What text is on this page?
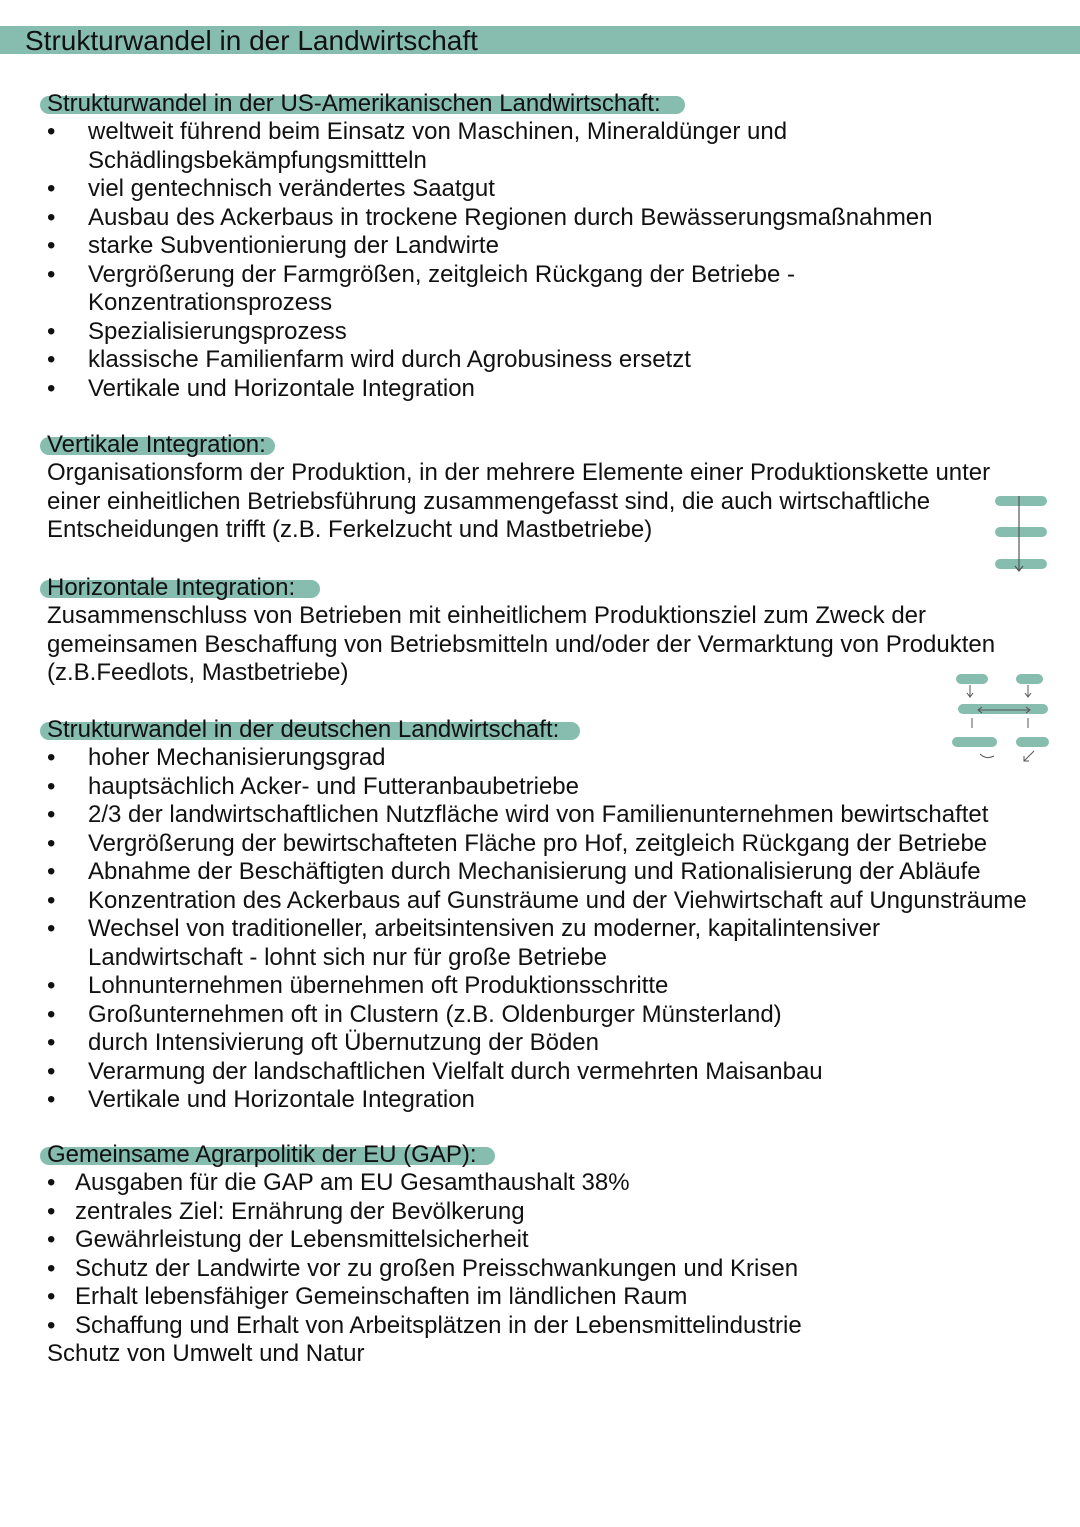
Strukturwandel in der Landwirtschaft
Strukturwandel in der US-Amerikanischen Landwirtschaft:
• weltweit führend beim Einsatz von Maschinen, Mineraldünger und
Schädlingsbekämpfungsmittteln
• viel gentechnisch verändertes Saatgut
• Ausbau des Ackerbaus in trockene Regionen durch Bewässerungsmaßnahmen
• starke Subventionierung der Landwirte
• Vergrößerung der Farmgrößen, zeitgleich Rückgang der Betriebe -
Konzentrationsprozess
• Spezialisierungsprozess
• klassische Familienfarm wird durch Agrobusiness ersetzt
• Vertikale und Horizontale Integration
Vertikale Integration:
Organisationsform der Produktion, in der mehrere Elemente einer Produktionskette unter
einer einheitlichen Betriebsführung zusammengefasst sind, die auch wirtschaftliche
Entscheidungen trifft (z.B. Ferkelzucht und Mastbetriebe)
Horizontale Integration:
Zusammenschluss von Betrieben mit einheitlichem Produktionsziel zum Zweck der
gemeinsamen Beschaffung von Betriebsmitteln und/oder der Vermarktung von Produkten
(z.B.Feedlots, Mastbetriebe)
Strukturwandel in der deutschen Landwirtschaft:
• hoher Mechanisierungsgrad
• hauptsächlich Acker- und Futteranbaubetriebe
• 2/3 der landwirtschaftlichen Nutzfläche wird von Familienunternehmen bewirtschaftet
• Vergrößerung der bewirtschafteten Fläche pro Hof, zeitgleich Rückgang der Betriebe
• Abnahme der Beschäftigten durch Mechanisierung und Rationalisierung der Abläufe
• Konzentration des Ackerbaus auf Gunsträume und der Viehwirtschaft auf Ungunsträume
• Wechsel von traditioneller, arbeitsintensiven zu moderner, kapitalintensiver
Landwirtschaft - lohnt sich nur für große Betriebe
• Lohnunternehmen übernehmen oft Produktionsschritte
• Großunternehmen oft in Clustern (z.B. Oldenburger Münsterland)
• durch Intensivierung oft Übernutzung der Böden
• Verarmung der landschaftlichen Vielfalt durch vermehrten Maisanbau
• Vertikale und Horizontale Integration
Gemeinsame Agrarpolitik der EU (GAP):
• Ausgaben für die GAP am EU Gesamthaushalt 38%
• zentrales Ziel: Ernährung der Bevölkerung
• Gewährleistung der Lebensmittelsicherheit
• Schutz der Landwirte vor zu großen Preisschwankungen und Krisen
• Erhalt lebensfähiger Gemeinschaften im ländlichen Raum
• Schaffung und Erhalt von Arbeitsplätzen in der Lebensmittelindustrie
Schutz von Umwelt und Natur
